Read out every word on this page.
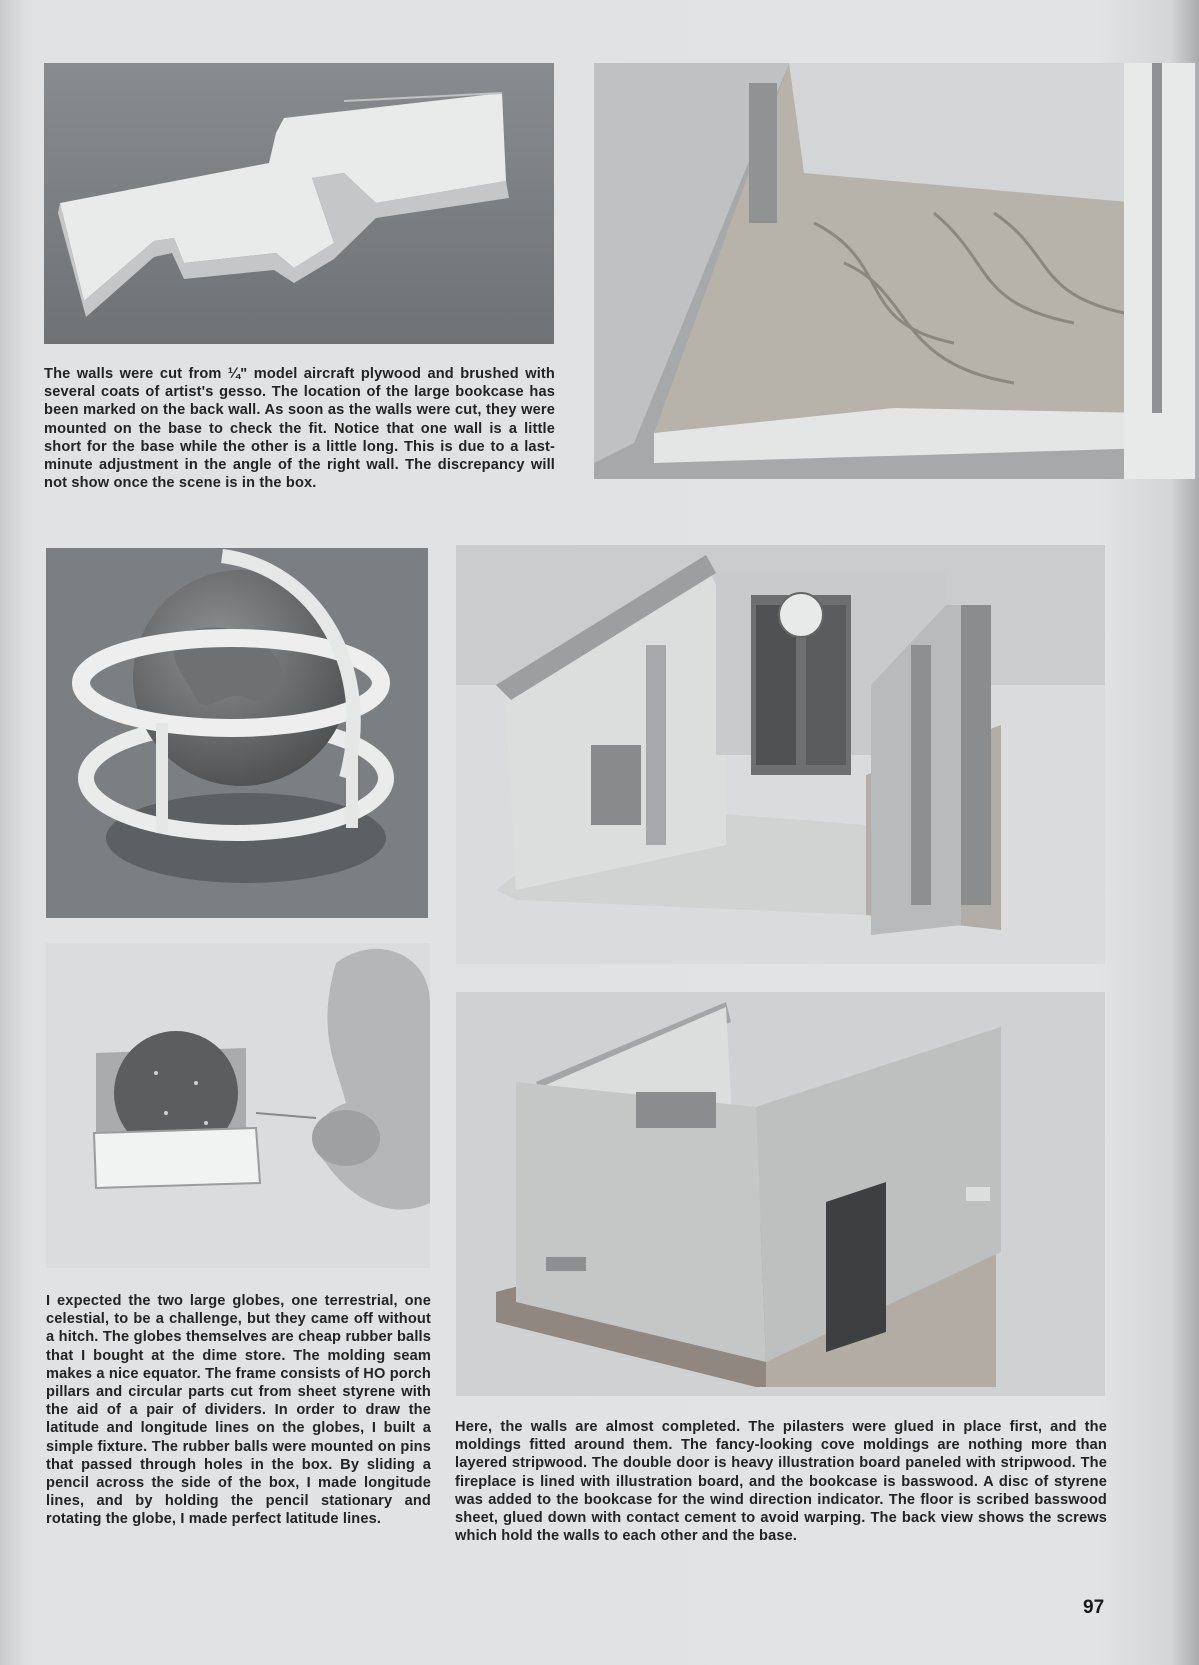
The walls were cut from ¼" model aircraft plywood and brushed with several coats of artist's gesso. The location of the large bookcase has been marked on the back wall. As soon as the walls were cut, they were mounted on the base to check the fit. Notice that one wall is a little short for the base while the other is a little long. This is due to a last-minute adjustment in the angle of the right wall. The discrepancy will not show once the scene is in the box.

I expected the two large globes, one terrestrial, one celestial, to be a challenge, but they came off without a hitch. The globes themselves are cheap rubber balls that I bought at the dime store. The molding seam makes a nice equator. The frame consists of HO porch pillars and circular parts cut from sheet styrene with the aid of a pair of dividers. In order to draw the latitude and longitude lines on the globes, I built a simple fixture. The rubber balls were mounted on pins that passed through holes in the box. By sliding a pencil across the side of the box, I made longitude lines, and by holding the pencil stationary and rotating the globe, I made perfect latitude lines.

Here, the walls are almost completed. The pilasters were glued in place first, and the moldings fitted around them. The fancy-looking cove moldings are nothing more than layered stripwood. The double door is heavy illustration board paneled with stripwood. The fireplace is lined with illustration board, and the bookcase is basswood. A disc of styrene was added to the bookcase for the wind direction indicator. The floor is scribed basswood sheet, glued down with contact cement to avoid warping. The back view shows the screws which hold the walls to each other and the base.

97
